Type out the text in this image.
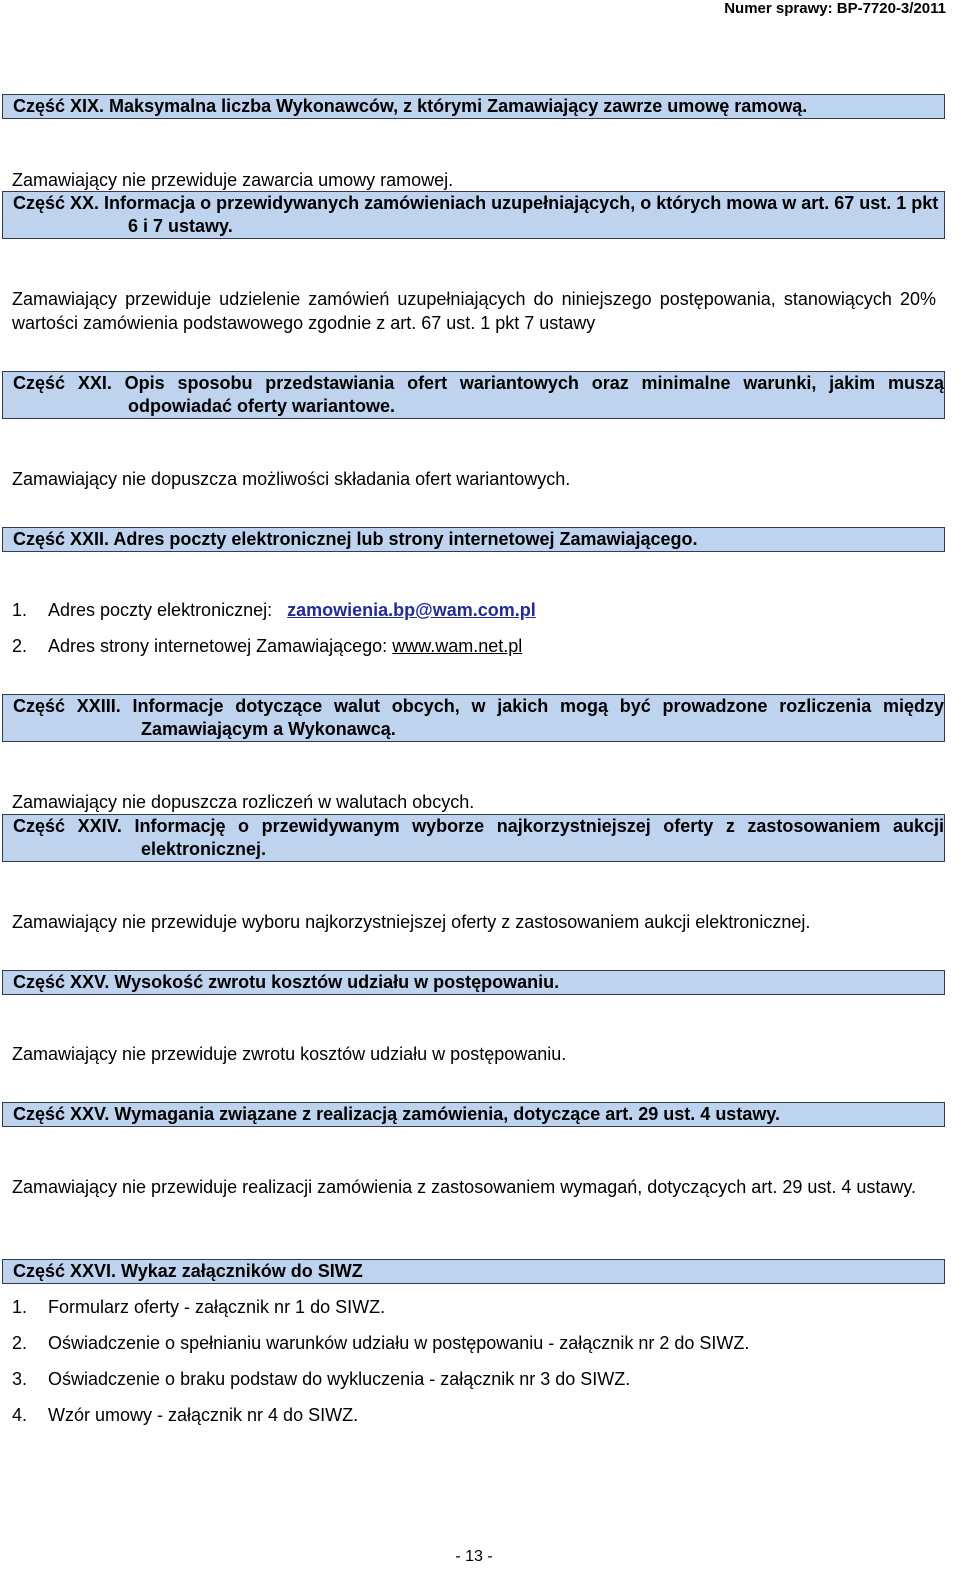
Numer sprawy: BP-7720-3/2011
Część XIX. Maksymalna liczba Wykonawców, z którymi Zamawiający zawrze umowę ramową.
Zamawiający nie przewiduje zawarcia umowy ramowej.
Część XX. Informacja o przewidywanych zamówieniach uzupełniających, o których mowa w art. 67 ust. 1 pkt 6 i 7 ustawy.
Zamawiający przewiduje udzielenie zamówień uzupełniających do niniejszego postępowania, stanowiących 20% wartości zamówienia podstawowego zgodnie z art. 67 ust. 1 pkt 7 ustawy
Część XXI. Opis sposobu przedstawiania ofert wariantowych oraz minimalne warunki, jakim muszą odpowiadać oferty wariantowe.
Zamawiający nie dopuszcza możliwości składania ofert wariantowych.
Część XXII. Adres poczty elektronicznej lub strony internetowej Zamawiającego.
1. Adres poczty elektronicznej: zamowienia.bp@wam.com.pl
2. Adres strony internetowej Zamawiającego: www.wam.net.pl
Część XXIII. Informacje dotyczące walut obcych, w jakich mogą być prowadzone rozliczenia między Zamawiającym a Wykonawcą.
Zamawiający nie dopuszcza rozliczeń w walutach obcych.
Część XXIV. Informację o przewidywanym wyborze najkorzystniejszej oferty z zastosowaniem aukcji elektronicznej.
Zamawiający nie przewiduje wyboru najkorzystniejszej oferty z zastosowaniem aukcji elektronicznej.
Część XXV. Wysokość zwrotu kosztów udziału w postępowaniu.
Zamawiający nie przewiduje zwrotu kosztów udziału w postępowaniu.
Część XXV. Wymagania związane z realizacją zamówienia, dotyczące art. 29 ust. 4 ustawy.
Zamawiający nie przewiduje realizacji zamówienia z zastosowaniem wymagań, dotyczących art. 29 ust. 4 ustawy.
Część XXVI. Wykaz załączników do SIWZ
1. Formularz oferty - załącznik nr 1 do SIWZ.
2. Oświadczenie o spełnianiu warunków udziału w postępowaniu - załącznik nr 2 do SIWZ.
3. Oświadczenie o braku podstaw do wykluczenia - załącznik nr 3 do SIWZ.
4. Wzór umowy - załącznik nr 4 do SIWZ.
- 13 -
